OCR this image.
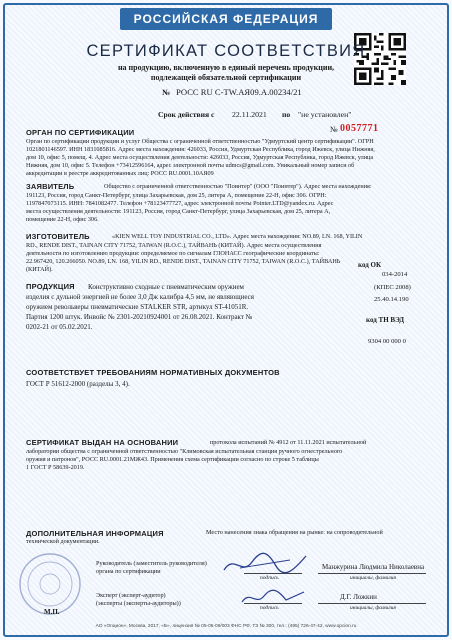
РОССИЙСКАЯ ФЕДЕРАЦИЯ
СЕРТИФИКАТ СООТВЕТСТВИЯ
на продукцию, включенную в единый перечень продукции,
подлежащей обязательной сертификации
№ РОСС RU C-TW.АЯ09.А.00234/21
Срок действия с 22.11.2021 по "не установлен"
ОРГАН ПО СЕРТИФИКАЦИИ	№ 0057771
Орган по сертификации продукции и услуг Общества с ограниченной ответственностью "Удмуртский центр сертификации". ОГРН
1021801146597. ИНН 1831085816. Адрес места нахождения: 426033, Россия, Удмуртская Республика, город Ижевск, улица Нижняя,
дом 10, офис 5, помещ. 4. Адрес места осуществления деятельности: 426033, Россия, Удмуртская Республика, город Ижевск, улица
Нижняя, дом 10, офис 5. Телефон +73412596164, адрес электронной почты udmcs@gmail.com. Уникальный номер записи об
аккредитации в реестре аккредитованных лиц: РОСС RU.0001.10АЯ09
ЗАЯВИТЕЛЬ	Общество с ограниченной ответственностью "Поинтер" (ООО "Поинтер"). Адрес места нахождения:
191123, Россия, город Санкт-Петербург, улица Захарьевская, дом 25, литера А, помещение 22-Н, офис 306. ОГРН:
1197847073115. ИНН: 7841082477. Телефон +78123477727, адрес электронной почты Pointer.LTD@yandex.ru. Адрес
места осуществления деятельности: 191123, Россия, город Санкт-Петербург, улица Захарьевская, дом 25, литера А,
помещение 22-Н, офис 306.
ИЗГОТОВИТЕЛЬ	«KIEN WELL TOY INDUSTRIAL CO., LTD». Адрес места нахождения: NO.89, LN. 168, YILIN
RD., RENDE DIST., TAINAN CITY 71752, TAIWAN (R.O.C.), ТАЙВАНЬ (КИТАЙ). Адрес места осуществления
деятельности по изготовлению продукции: определяемое по сигналам ГЛОНАСС географические координаты:
22.967420, 120.266050. NO.89, LN. 168, YILIN RD., RENDE DIST., TAINAN CITY 71752, TAIWAN (R.O.C.), ТАЙВАНЬ
(КИТАЙ).
ПРОДУКЦИЯ Конструктивно сходные с пневматическим оружием
изделия с дульной энергией не более 3,0 Дж калибра 4,5 мм, не являющиеся
оружием револьверы пневматические STALKER STR, артикул ST-41051R.
Партия 1200 штук. Инвойс № 2301-20210924001 от 26.08.2021. Контракт №
0202-21 от 05.02.2021.
код ОК
034-2014
(КПЕС 2008)
25.40.14.190
код ТН ВЭД
9304 00 000 0
СООТВЕТСТВУЕТ ТРЕБОВАНИЯМ НОРМАТИВНЫХ ДОКУМЕНТОВ
ГОСТ Р 51612-2000 (разделы 3, 4).
СЕРТИФИКАТ ВЫДАН НА ОСНОВАНИИ	протокола испытаний № 4912 от 11.11.2021 испытательной
лаборатории общества с ограниченной ответственностью "Климовская испытательная станция ручного огнестрельного
оружия и патронов", РОСС RU.0001.21МЖ43. Применения схема сертификации согласно по строке 5 таблицы
1 ГОСТ Р 58639-2019.
ДОПОЛНИТЕЛЬНАЯ ИНФОРМАЦИЯ	Место нанесения знака обращения на рынке: на сопроводительной
технической документации.
Руководитель (заместитель руководителя)
органа по сертификации
подпись
Манжурина Людмила Николаевна
инициалы, фамилия
Эксперт (эксперт-аудитор)
(эксперты (эксперты-аудиторы))
подпись
Д.Г. Ложкин
инициалы, фамилия
М.П.
АО «Опцион», Москва, 2017, «Б», лицензия № 05-05-09/003 ФНС РФ, ТЗ № 300, тел.: (495) 726-47-42, www.opcion.ru
